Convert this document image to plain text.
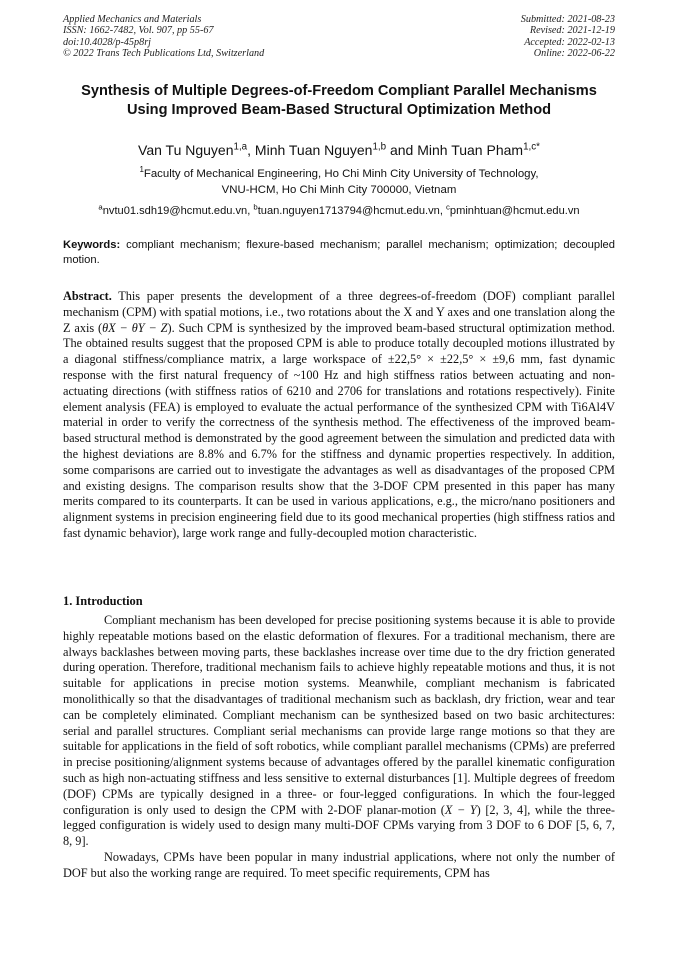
Applied Mechanics and Materials
ISSN: 1662-7482, Vol. 907, pp 55-67
doi:10.4028/p-45p8rj
© 2022 Trans Tech Publications Ltd, Switzerland
Submitted: 2021-08-23
Revised: 2021-12-19
Accepted: 2022-02-13
Online: 2022-06-22
Synthesis of Multiple Degrees-of-Freedom Compliant Parallel Mechanisms Using Improved Beam-Based Structural Optimization Method
Van Tu Nguyen$^{1,a}$, Minh Tuan Nguyen$^{1,b}$ and Minh Tuan Pham$^{1,c*}$
$^1$Faculty of Mechanical Engineering, Ho Chi Minh City University of Technology,
VNU-HCM, Ho Chi Minh City 700000, Vietnam
$^a$nvtu01.sdh19@hcmut.edu.vn, $^b$tuan.nguyen1713794@hcmut.edu.vn, $^c$pminhtuan@hcmut.edu.vn
Keywords: compliant mechanism; flexure-based mechanism; parallel mechanism; optimization; decoupled motion.
Abstract. This paper presents the development of a three degrees-of-freedom (DOF) compliant parallel mechanism (CPM) with spatial motions, i.e., two rotations about the X and Y axes and one translation along the Z axis (θX − θY − Z). Such CPM is synthesized by the improved beam-based structural optimization method. The obtained results suggest that the proposed CPM is able to produce totally decoupled motions illustrated by a diagonal stiffness/compliance matrix, a large workspace of ±22,5° × ±22,5° × ±9,6 mm, fast dynamic response with the first natural frequency of ~100 Hz and high stiffness ratios between actuating and non-actuating directions (with stiffness ratios of 6210 and 2706 for translations and rotations respectively). Finite element analysis (FEA) is employed to evaluate the actual performance of the synthesized CPM with Ti6Al4V material in order to verify the correctness of the synthesis method. The effectiveness of the improved beam-based structural method is demonstrated by the good agreement between the simulation and predicted data with the highest deviations are 8.8% and 6.7% for the stiffness and dynamic properties respectively. In addition, some comparisons are carried out to investigate the advantages as well as disadvantages of the proposed CPM and existing designs. The comparison results show that the 3-DOF CPM presented in this paper has many merits compared to its counterparts. It can be used in various applications, e.g., the micro/nano positioners and alignment systems in precision engineering field due to its good mechanical properties (high stiffness ratios and fast dynamic behavior), large work range and fully-decoupled motion characteristic.
1. Introduction

Compliant mechanism has been developed for precise positioning systems because it is able to provide highly repeatable motions based on the elastic deformation of flexures. For a traditional mechanism, there are always backlashes between moving parts, these backlashes increase over time due to the dry friction generated during operation. Therefore, traditional mechanism fails to achieve highly repeatable motions and thus, it is not suitable for applications in precise motion systems. Meanwhile, compliant mechanism is fabricated monolithically so that the disadvantages of traditional mechanism such as backlash, dry friction, wear and tear can be completely eliminated. Compliant mechanism can be synthesized based on two basic architectures: serial and parallel structures. Compliant serial mechanisms can provide large range motions so that they are suitable for applications in the field of soft robotics, while compliant parallel mechanisms (CPMs) are preferred in precise positioning/alignment systems because of advantages offered by the parallel kinematic configuration such as high non-actuating stiffness and less sensitive to external disturbances [1]. Multiple degrees of freedom (DOF) CPMs are typically designed in a three- or four-legged configurations. In which the four-legged configuration is only used to design the CPM with 2-DOF planar-motion (X − Y) [2, 3, 4], while the three-legged configuration is widely used to design many multi-DOF CPMs varying from 3 DOF to 6 DOF [5, 6, 7, 8, 9].

Nowadays, CPMs have been popular in many industrial applications, where not only the number of DOF but also the working range are required. To meet specific requirements, CPM has
